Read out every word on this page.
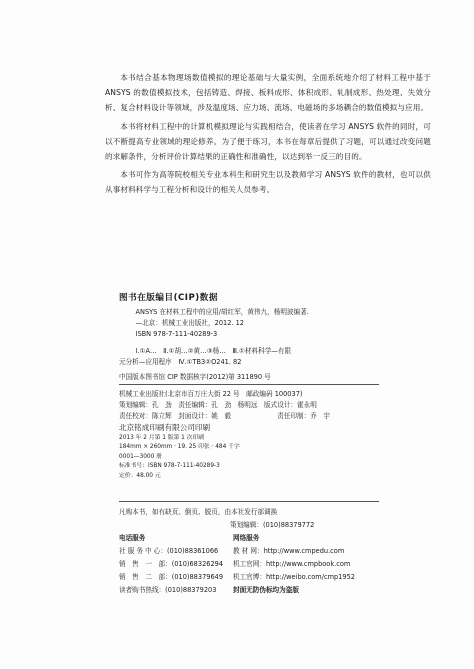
本书结合基本物理场数值模拟的理论基础与大量实例，全面系统地介绍了材料工程中基于 ANSYS 的数值模拟技术，包括铸造、焊接、板料成形、体积成形、轧制成形、热处理、失效分析、复合材料设计等领域，涉及温度场、应力场、流场、电磁场的多场耦合的数值模拟与应用。

本书将材料工程中的计算机模拟理论与实践相结合，使读者在学习 ANSYS 软件的同时，可以不断提高专业领域的理论修养。为了便于练习，本书在每章后提供了习题，可以通过改变问题的求解条件，分析评价计算结果的正确性和准确性，以达到举一反三的目的。

本书可作为高等院校相关专业本科生和研究生以及教师学习 ANSYS 软件的教材，也可以供从事材料科学与工程分析和设计的相关人员参考。

图书在版编目(CIP)数据
ANSYS 在材料工程中的应用/胡红军，黄伟九，杨明波编著.
—北京：机械工业出版社，2012. 12
ISBN 978-7-111-40289-3
Ⅰ.①A…　Ⅱ.①胡…②黄…③杨…　Ⅲ.①材料科学—有限
元分析—应用程序　Ⅳ.①TB3②O241. 82
中国版本图书馆 CIP 数据核字(2012)第 311890 号
机械工业出版社(北京市百万庄大街 22 号　邮政编码 100037)
策划编辑：孔　劲　责任编辑：孔　劲　杨明远　版式设计：霍永明
责任校对：陈立辉　封面设计：姚　毅　　　　　　　责任印制：乔　宇
北京铭成印刷有限公司印刷
2013 年 2 月第 1 版第 1 次印刷
184mm × 260mm · 19. 25 印张 · 484 千字
0001—3000 册
标准书号：ISBN 978-7-111-40289-3
定价：48.00 元
凡购本书，如有缺页、倒页、脱页，由本社发行部调换
策划编辑：(010)88379772
电话服务	网络服务
社 服 务 中 心：(010)88361066 教 材 网：http://www.cmpedu.com
销　售　一　部：(010)68326294 机工官网：http://www.cmpbook.com
销　售　二　部：(010)88379649 机工官博：http://weibo.com/cmp1952
读者购书热线：(010)88379203	封面无防伪标均为盗版
